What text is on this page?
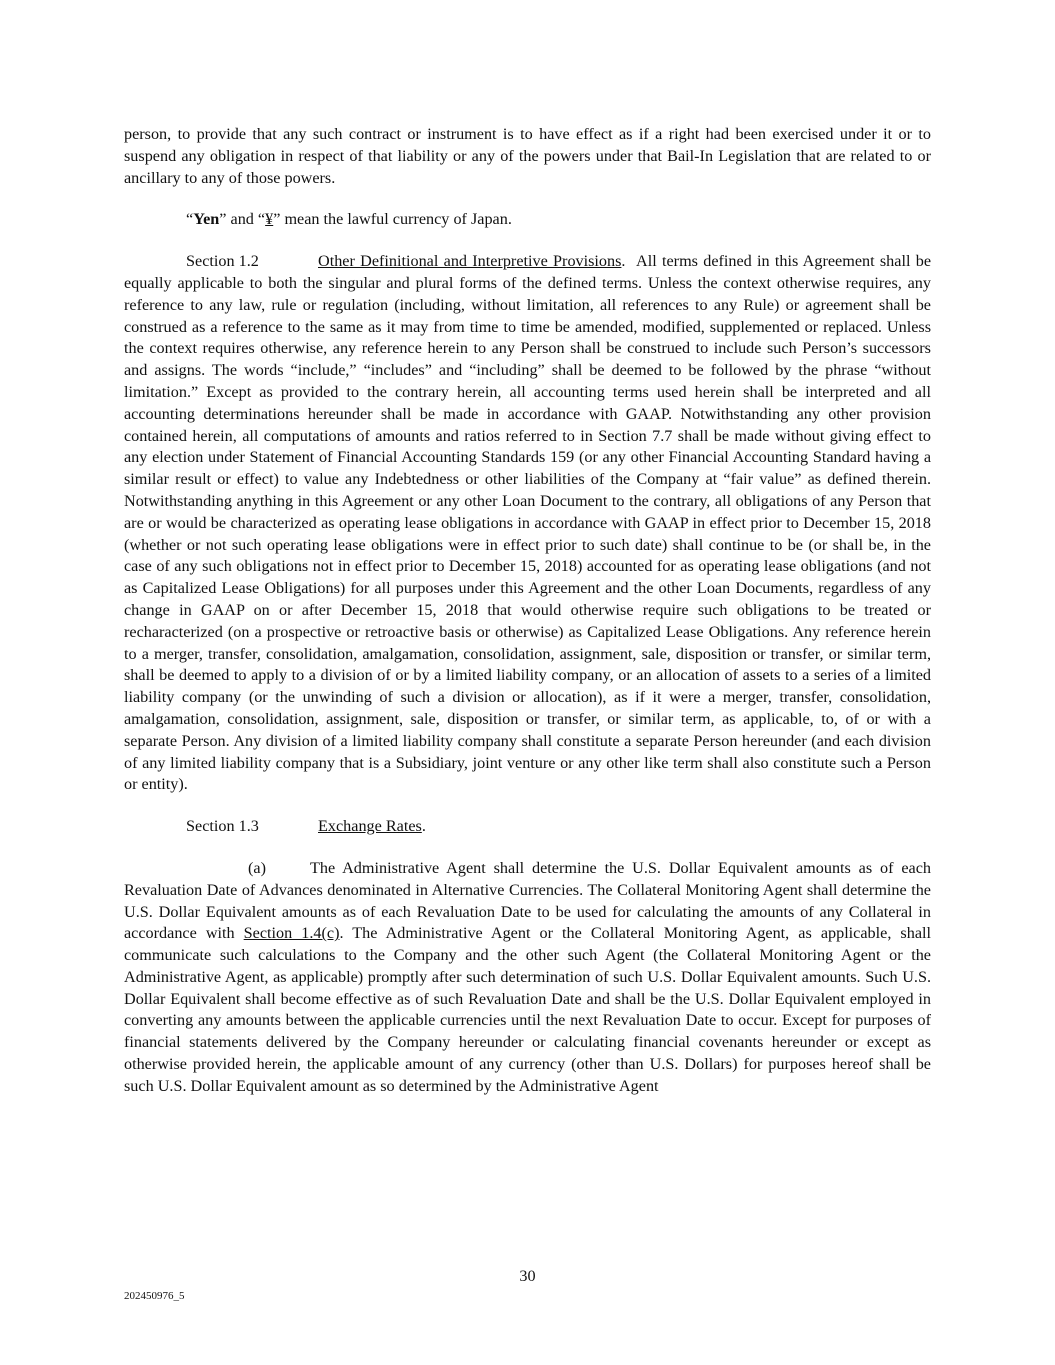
person, to provide that any such contract or instrument is to have effect as if a right had been exercised under it or to suspend any obligation in respect of that liability or any of the powers under that Bail-In Legislation that are related to or ancillary to any of those powers.

“Yen” and “¥” mean the lawful currency of Japan.

Section 1.2	Other Definitional and Interpretive Provisions. All terms defined in this Agreement shall be equally applicable to both the singular and plural forms of the defined terms. Unless the context otherwise requires, any reference to any law, rule or regulation (including, without limitation, all references to any Rule) or agreement shall be construed as a reference to the same as it may from time to time be amended, modified, supplemented or replaced. Unless the context requires otherwise, any reference herein to any Person shall be construed to include such Person’s successors and assigns. The words “include,” “includes” and “including” shall be deemed to be followed by the phrase “without limitation.” Except as provided to the contrary herein, all accounting terms used herein shall be interpreted and all accounting determinations hereunder shall be made in accordance with GAAP. Notwithstanding any other provision contained herein, all computations of amounts and ratios referred to in Section 7.7 shall be made without giving effect to any election under Statement of Financial Accounting Standards 159 (or any other Financial Accounting Standard having a similar result or effect) to value any Indebtedness or other liabilities of the Company at “fair value” as defined therein. Notwithstanding anything in this Agreement or any other Loan Document to the contrary, all obligations of any Person that are or would be characterized as operating lease obligations in accordance with GAAP in effect prior to December 15, 2018 (whether or not such operating lease obligations were in effect prior to such date) shall continue to be (or shall be, in the case of any such obligations not in effect prior to December 15, 2018) accounted for as operating lease obligations (and not as Capitalized Lease Obligations) for all purposes under this Agreement and the other Loan Documents, regardless of any change in GAAP on or after December 15, 2018 that would otherwise require such obligations to be treated or recharacterized (on a prospective or retroactive basis or otherwise) as Capitalized Lease Obligations. Any reference herein to a merger, transfer, consolidation, amalgamation, consolidation, assignment, sale, disposition or transfer, or similar term, shall be deemed to apply to a division of or by a limited liability company, or an allocation of assets to a series of a limited liability company (or the unwinding of such a division or allocation), as if it were a merger, transfer, consolidation, amalgamation, consolidation, assignment, sale, disposition or transfer, or similar term, as applicable, to, of or with a separate Person. Any division of a limited liability company shall constitute a separate Person hereunder (and each division of any limited liability company that is a Subsidiary, joint venture or any other like term shall also constitute such a Person or entity).

Section 1.3	Exchange Rates.

(a)	The Administrative Agent shall determine the U.S. Dollar Equivalent amounts as of each Revaluation Date of Advances denominated in Alternative Currencies. The Collateral Monitoring Agent shall determine the U.S. Dollar Equivalent amounts as of each Revaluation Date to be used for calculating the amounts of any Collateral in accordance with Section 1.4(c). The Administrative Agent or the Collateral Monitoring Agent, as applicable, shall communicate such calculations to the Company and the other such Agent (the Collateral Monitoring Agent or the Administrative Agent, as applicable) promptly after such determination of such U.S. Dollar Equivalent amounts. Such U.S. Dollar Equivalent shall become effective as of such Revaluation Date and shall be the U.S. Dollar Equivalent employed in converting any amounts between the applicable currencies until the next Revaluation Date to occur. Except for purposes of financial statements delivered by the Company hereunder or calculating financial covenants hereunder or except as otherwise provided herein, the applicable amount of any currency (other than U.S. Dollars) for purposes hereof shall be such U.S. Dollar Equivalent amount as so determined by the Administrative Agent

30
202450976_5
